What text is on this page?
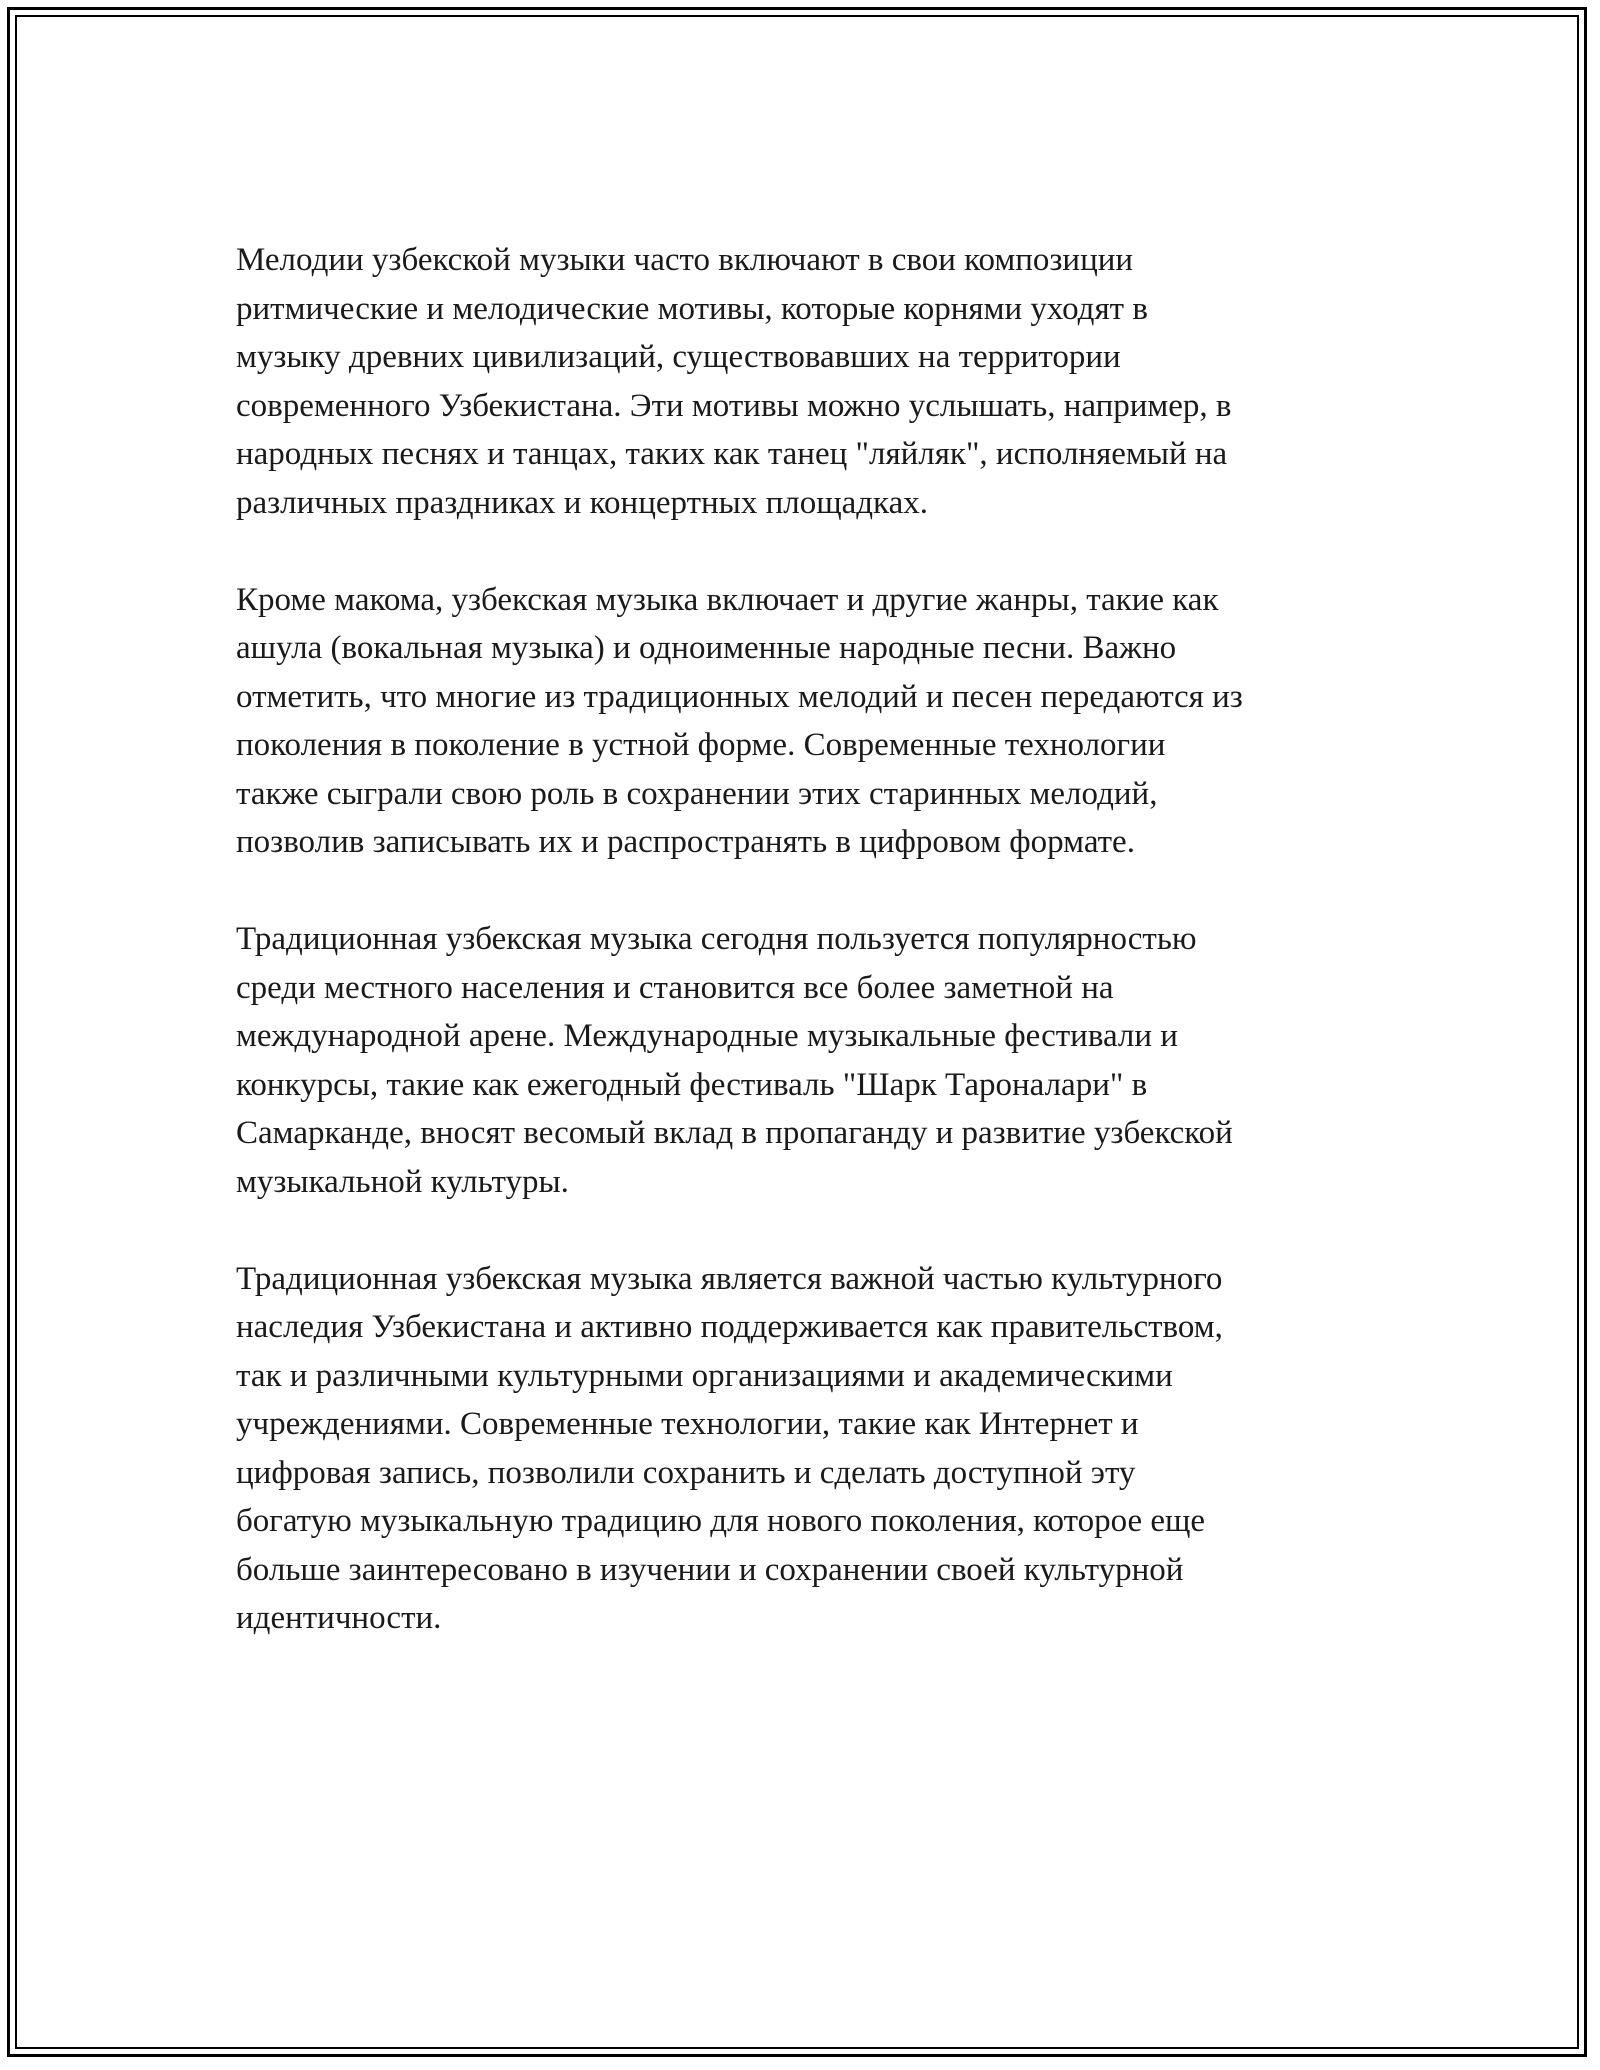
Мелодии узбекской музыки часто включают в свои композиции
ритмические и мелодические мотивы, которые корнями уходят в
музыку древних цивилизаций, существовавших на территории
современного Узбекистана. Эти мотивы можно услышать, например, в
народных песнях и танцах, таких как танец "ляйляк", исполняемый на
различных праздниках и концертных площадках.

Кроме макома, узбекская музыка включает и другие жанры, такие как
ашула (вокальная музыка) и одноименные народные песни. Важно
отметить, что многие из традиционных мелодий и песен передаются из
поколения в поколение в устной форме. Современные технологии
также сыграли свою роль в сохранении этих старинных мелодий,
позволив записывать их и распространять в цифровом формате.

Традиционная узбекская музыка сегодня пользуется популярностью
среди местного населения и становится все более заметной на
международной арене. Международные музыкальные фестивали и
конкурсы, такие как ежегодный фестиваль "Шарк Тароналари" в
Самарканде, вносят весомый вклад в пропаганду и развитие узбекской
музыкальной культуры.

Традиционная узбекская музыка является важной частью культурного
наследия Узбекистана и активно поддерживается как правительством,
так и различными культурными организациями и академическими
учреждениями. Современные технологии, такие как Интернет и
цифровая запись, позволили сохранить и сделать доступной эту
богатую музыкальную традицию для нового поколения, которое еще
больше заинтересовано в изучении и сохранении своей культурной
идентичности.
